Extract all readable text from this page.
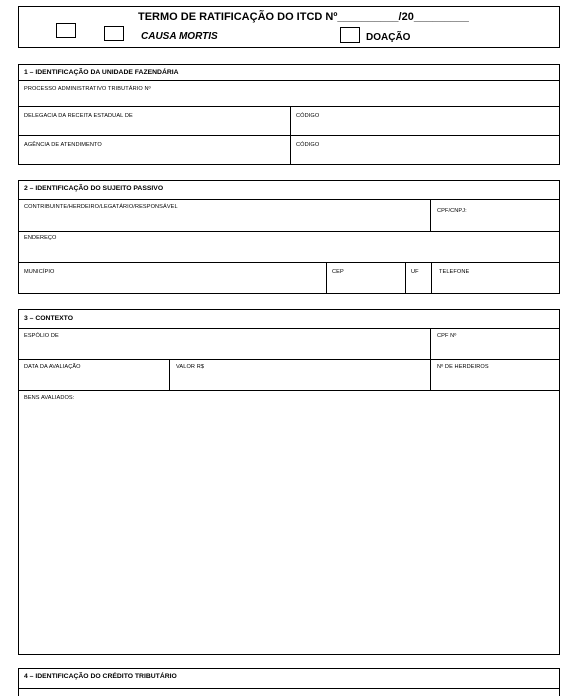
TERMO DE RATIFICAÇÃO DO ITCD Nº__________/20_________
CAUSA MORTIS	DOAÇÃO
1 – IDENTIFICAÇÃO DA UNIDADE FAZENDÁRIA
PROCESSO ADMINISTRATIVO TRIBUTÁRIO Nº
DELEGACIA DA RECEITA ESTADUAL DE	CÓDIGO
AGÊNCIA DE ATENDIMENTO	CÓDIGO
2 – IDENTIFICAÇÃO DO SUJEITO PASSIVO
CONTRIBUINTE/HERDEIRO/LEGATÁRIO/RESPONSÁVEL
CPF/CNPJ:
ENDEREÇO
MUNICÍPIO	CEP	UF	TELEFONE
3 – CONTEXTO
ESPÓLIO DE	CPF Nº
DATA DA AVALIAÇÃO	VALOR R$	Nº DE HERDEIROS
BENS AVALIADOS:
4 – IDENTIFICAÇÃO DO CRÉDITO TRIBUTÁRIO
